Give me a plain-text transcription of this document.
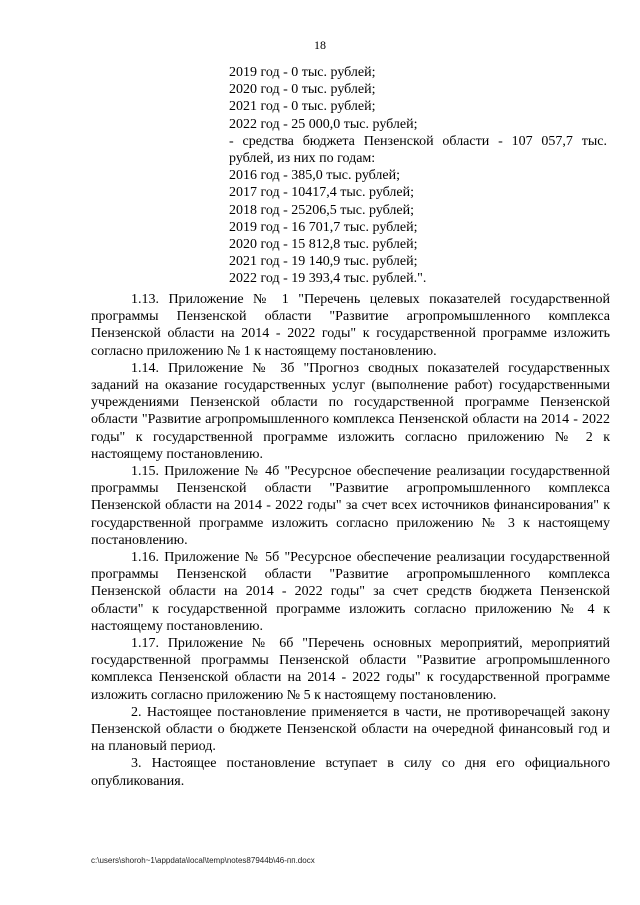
18
2019 год - 0 тыс. рублей;
2020 год - 0 тыс. рублей;
2021 год - 0 тыс. рублей;
2022 год - 25 000,0 тыс. рублей;
- средства бюджета Пензенской области - 107 057,7 тыс. рублей, из них по годам:
2016 год - 385,0 тыс. рублей;
2017 год - 10417,4 тыс. рублей;
2018 год - 25206,5 тыс. рублей;
2019 год - 16 701,7 тыс. рублей;
2020 год - 15 812,8 тыс. рублей;
2021 год - 19 140,9 тыс. рублей;
2022 год - 19 393,4 тыс. рублей.".

1.13. Приложение № 1 "Перечень целевых показателей государственной программы Пензенской области "Развитие агропромышленного комплекса Пензенской области на 2014 - 2022 годы" к государственной программе изложить согласно приложению № 1 к настоящему постановлению.

1.14. Приложение № 3б "Прогноз сводных показателей государственных заданий на оказание государственных услуг (выполнение работ) государственными учреждениями Пензенской области по государственной программе Пензенской области "Развитие агропромышленного комплекса Пензенской области на 2014 - 2022 годы" к государственной программе изложить согласно приложению № 2 к настоящему постановлению.

1.15. Приложение № 4б "Ресурсное обеспечение реализации государственной программы Пензенской области "Развитие агропромышленного комплекса Пензенской области на 2014 - 2022 годы" за счет всех источников финансирования" к государственной программе изложить согласно приложению № 3 к настоящему постановлению.

1.16. Приложение № 5б "Ресурсное обеспечение реализации государственной программы Пензенской области "Развитие агропромышленного комплекса Пензенской области на 2014 - 2022 годы" за счет средств бюджета Пензенской области" к государственной программе изложить согласно приложению № 4 к настоящему постановлению.

1.17. Приложение № 6б "Перечень основных мероприятий, мероприятий государственной программы Пензенской области "Развитие агропромышленного комплекса Пензенской области на 2014 - 2022 годы" к государственной программе изложить согласно приложению № 5 к настоящему постановлению.

2. Настоящее постановление применяется в части, не противоречащей закону Пензенской области о бюджете Пензенской области на очередной финансовый год и на плановый период.

3. Настоящее постановление вступает в силу со дня его официального опубликования.

c:\users\shoroh~1\appdata\local\temp\notes87944b\46-пп.docx
